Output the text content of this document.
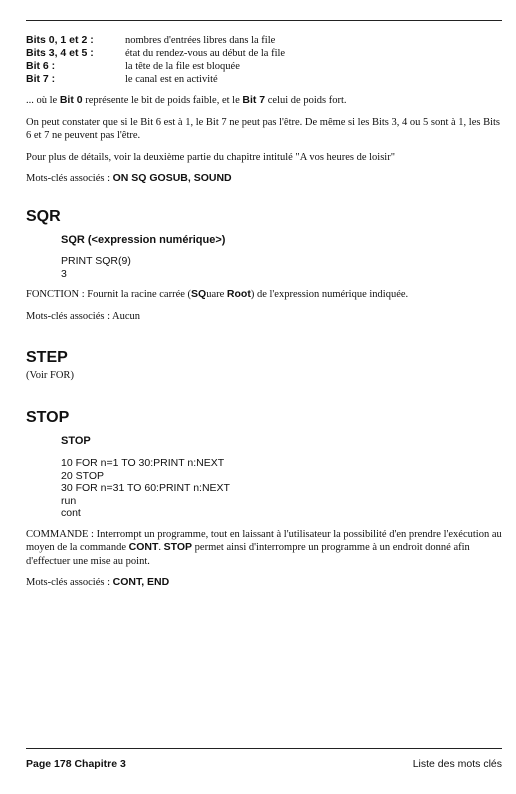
Bits 0, 1 et 2 :	nombres d'entrées libres dans la file
Bits 3, 4 et 5 :	état du rendez-vous au début de la file
Bit 6 :	la tête de la file est bloquée
Bit 7 :	le canal est en activité

... où le Bit 0 représente le bit de poids faible, et le Bit 7 celui de poids fort.

On peut constater que si le Bit 6 est à 1, le Bit 7 ne peut pas l'être. De même si les Bits 3, 4 ou 5 sont à 1, les Bits 6 et 7 ne peuvent pas l'être.

Pour plus de détails, voir la deuxième partie du chapitre intitulé "A vos heures de loisir"

Mots-clés associés : ON SQ GOSUB, SOUND

SQR
SQR (<expression numérique>)
PRINT SQR(9)
3

FONCTION : Fournit la racine carrée (SQuare Root) de l'expression numérique indiquée.

Mots-clés associés : Aucun

STEP

(Voir FOR)

STOP
STOP
10 FOR n=1 TO 30:PRINT n:NEXT
20 STOP
30 FOR n=31 TO 60:PRINT n:NEXT
run
cont

COMMANDE : Interrompt un programme, tout en laissant à l'utilisateur la possibilité d'en prendre l'exécution au moyen de la commande CONT. STOP permet ainsi d'interrompre un programme à un endroit donné afin d'effectuer une mise au point.

Mots-clés associés : CONT, END

Page 178 Chapitre 3	Liste des mots clés
